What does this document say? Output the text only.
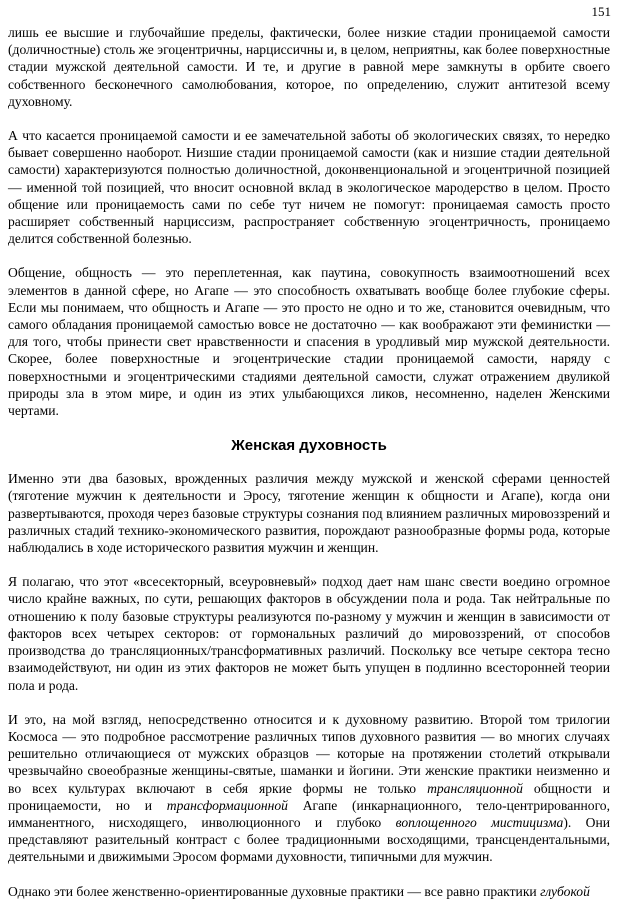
151

лишь ее высшие и глубочайшие пределы, фактически, более низкие стадии проницаемой самости (доличностные) столь же эгоцентричны, нарциссичны и, в целом, неприятны, как более поверхностные стадии мужской деятельной самости. И те, и другие в равной мере замкнуты в орбите своего собственного бесконечного самолюбования, которое, по определению, служит антитезой всему духовному.

А что касается проницаемой самости и ее замечательной заботы об экологических связях, то нередко бывает совершенно наоборот. Низшие стадии проницаемой самости (как и низшие стадии деятельной самости) характеризуются полностью доличностной, доконвенциональной и эгоцентричной позицией — именной той позицией, что вносит основной вклад в экологическое мародерство в целом. Просто общение или проницаемость сами по себе тут ничем не помогут: проницаемая самость просто расширяет собственный нарциссизм, распространяет собственную эгоцентричность, проницаемо делится собственной болезнью.

Общение, общность — это переплетенная, как паутина, совокупность взаимоотношений всех элементов в данной сфере, но Агапе — это способность охватывать вообще более глубокие сферы. Если мы понимаем, что общность и Агапе — это просто не одно и то же, становится очевидным, что самого обладания проницаемой самостью вовсе не достаточно — как воображают эти феминистки — для того, чтобы принести свет нравственности и спасения в уродливый мир мужской деятельности. Скорее, более поверхностные и эгоцентрические стадии проницаемой самости, наряду с поверхностными и эгоцентрическими стадиями деятельной самости, служат отражением двуликой природы зла в этом мире, и один из этих улыбающихся ликов, несомненно, наделен Женскими чертами.

Женская духовность

Именно эти два базовых, врожденных различия между мужской и женской сферами ценностей (тяготение мужчин к деятельности и Эросу, тяготение женщин к общности и Агапе), когда они развертываются, проходя через базовые структуры сознания под влиянием различных мировоззрений и различных стадий технико-экономического развития, порождают разнообразные формы рода, которые наблюдались в ходе исторического развития мужчин и женщин.

Я полагаю, что этот «всесекторный, всеуровневый» подход дает нам шанс свести воедино огромное число крайне важных, по сути, решающих факторов в обсуждении пола и рода. Так нейтральные по отношению к полу базовые структуры реализуются по-разному у мужчин и женщин в зависимости от факторов всех четырех секторов: от гормональных различий до мировоззрений, от способов производства до трансляционных/трансформативных различий. Поскольку все четыре сектора тесно взаимодействуют, ни один из этих факторов не может быть упущен в подлинно всесторонней теории пола и рода.

И это, на мой взгляд, непосредственно относится и к духовному развитию. Второй том трилогии Космоса — это подробное рассмотрение различных типов духовного развития — во многих случаях решительно отличающиеся от мужских образцов — которые на протяжении столетий открывали чрезвычайно своеобразные женщины-святые, шаманки и йогини. Эти женские практики неизменно и во всех культурах включают в себя яркие формы не только трансляционной общности и проницаемости, но и трансформационной Агапе (инкарнационного, тело-центрированного, имманентного, нисходящего, инволюционного и глубоко воплощенного мистицизма). Они представляют разительный контраст с более традиционными восходящими, трансцендентальными, деятельными и движимыми Эросом формами духовности, типичными для мужчин.

Однако эти более женственно-ориентированные духовные практики — все равно практики глубокой
